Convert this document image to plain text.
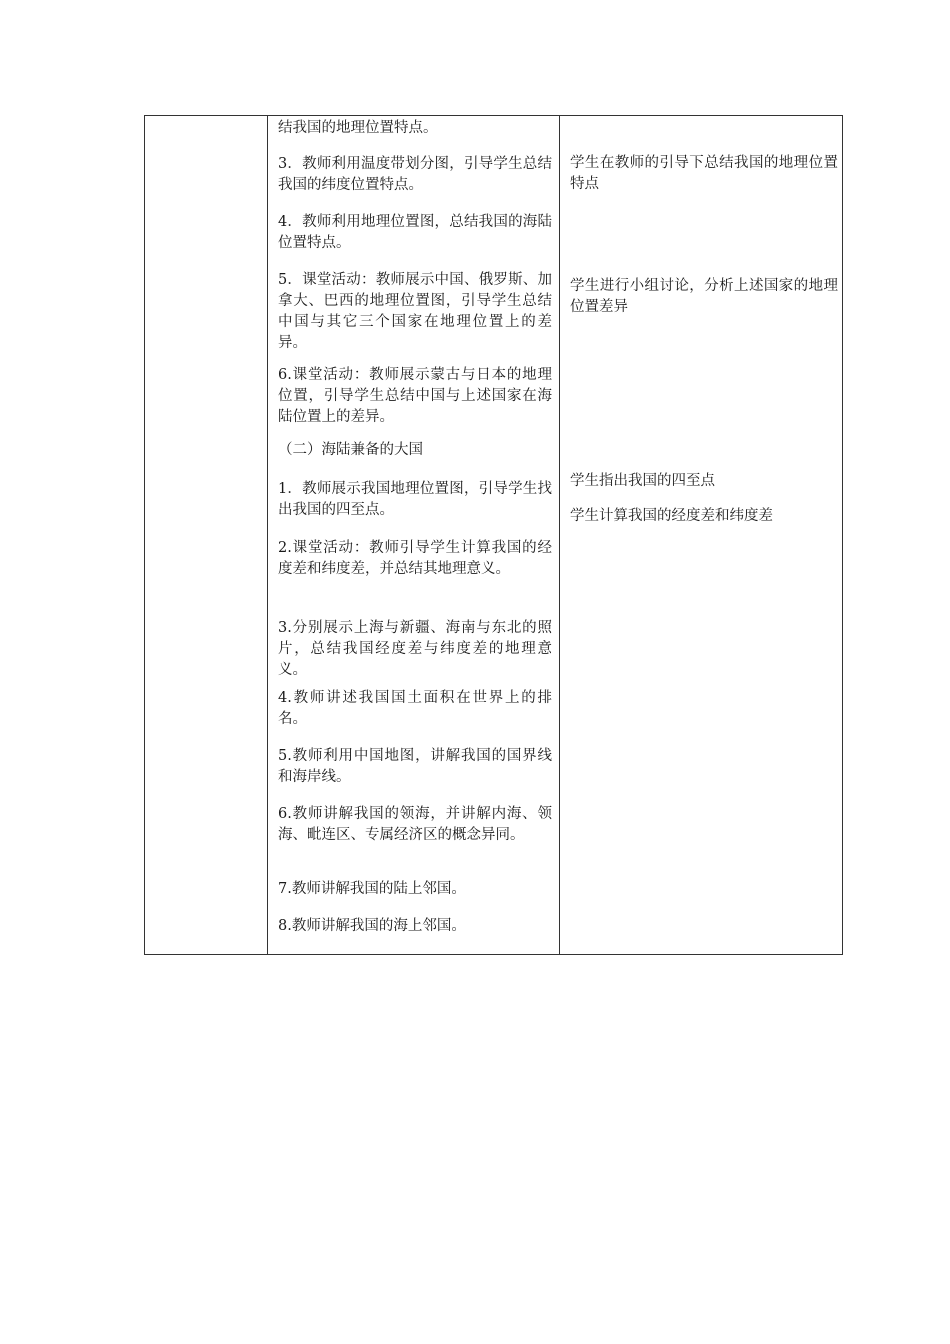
结我国的地理位置特点。

3．教师利用温度带划分图，引导学生总结我国的纬度位置特点。

4．教师利用地理位置图，总结我国的海陆位置特点。

5．课堂活动：教师展示中国、俄罗斯、加拿大、巴西的地理位置图，引导学生总结中国与其它三个国家在地理位置上的差异。

6.课堂活动：教师展示蒙古与日本的地理位置，引导学生总结中国与上述国家在海陆位置上的差异。

（二）海陆兼备的大国

1．教师展示我国地理位置图，引导学生找出我国的四至点。

2.课堂活动：教师引导学生计算我国的经度差和纬度差，并总结其地理意义。

3.分别展示上海与新疆、海南与东北的照片，总结我国经度差与纬度差的地理意义。

4.教师讲述我国国土面积在世界上的排名。

5.教师利用中国地图，讲解我国的国界线和海岸线。

6.教师讲解我国的领海，并讲解内海、领海、毗连区、专属经济区的概念异同。

7.教师讲解我国的陆上邻国。

8.教师讲解我国的海上邻国。

学生在教师的引导下总结我国的地理位置特点

学生进行小组讨论，分析上述国家的地理位置差异

学生指出我国的四至点

学生计算我国的经度差和纬度差
